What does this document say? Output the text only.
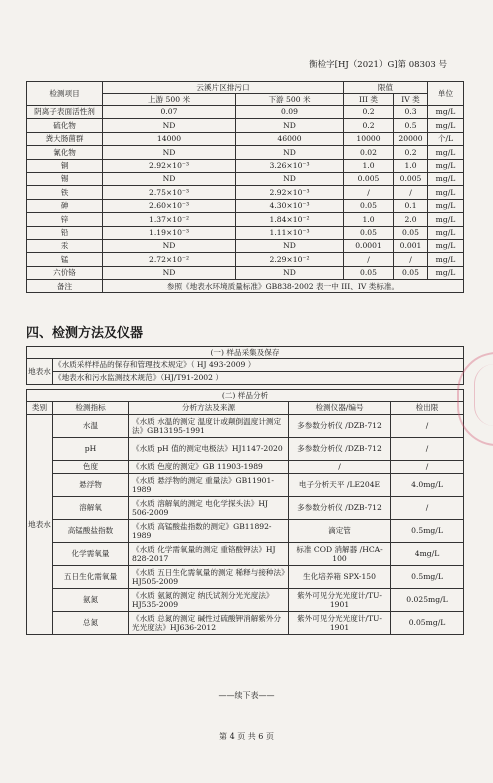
衡检字[HJ（2021）G]第 08303 号
检测项目	云溪片区排污口		限值		单位
	上游 500 米	下游 500 米	III 类	IV 类	
阴离子表面活性剂	0.07	0.09	0.2	0.3	mg/L
硫化物	ND	ND	0.2	0.5	mg/L
粪大肠菌群	14000	46000	10000	20000	个/L
氰化物	ND	ND	0.02	0.2	mg/L
铜	2.92×10⁻³	3.26×10⁻³	1.0	1.0	mg/L
锡	ND	ND	0.005	0.005	mg/L
铁	2.75×10⁻³	2.92×10⁻³	/	/	mg/L
砷	2.60×10⁻³	4.30×10⁻³	0.05	0.1	mg/L
锌	1.37×10⁻²	1.84×10⁻²	1.0	2.0	mg/L
铅	1.19×10⁻³	1.11×10⁻³	0.05	0.05	mg/L
汞	ND	ND	0.0001	0.001	mg/L
锰	2.72×10⁻²	2.29×10⁻²	/	/	mg/L
六价铬	ND	ND	0.05	0.05	mg/L
备注	参照《地表水环境质量标准》GB838-2002 表一中 III、IV 类标准。				
四、检测方法及仪器
(一) 样品采集及保存
地表水	《水质采样样品的保存和管理技术规定》（ HJ 493-2009 ）
《地表水和污水监测技术规范》（HJ/T91-2002 ）
(二) 样品分析				
类别	检测指标	分析方法及来源	检测仪器/编号	检出限
地表水	水温	《水质 水温的测定 温度计或颠倒温度计测定法》GB13195-1991	多参数分析仪 /DZB-712	/
	pH	《水质 pH 值的测定电极法》HJ1147-2020	多参数分析仪 /DZB-712	/
	色度	《水质 色度的测定》GB 11903-1989	/	/
	悬浮物	《水质 悬浮物的测定 重量法》GB11901-1989	电子分析天平 /LE204E	4.0mg/L
	溶解氧	《水质 溶解氧的测定 电化学探头法》HJ 506-2009	多参数分析仪 /DZB-712	/
	高锰酸盐指数	《水质 高锰酸盐指数的测定》GB11892-1989	滴定管	0.5mg/L
	化学需氧量	《水质 化学需氧量的测定 重铬酸钾法》HJ 828-2017	标准 COD 消解器 /HCA-100	4mg/L
	五日生化需氧量	《水质 五日生化需氧量的测定 稀释与接种法》HJ505-2009	生化培养箱 SPX-150	0.5mg/L
	氨氮	《水质 氨氮的测定 纳氏试剂分光光度法》HJ535-2009	紫外可见分光光度计/TU-1901	0.025mg/L
	总氮	《水质 总氮的测定 碱性过硫酸钾消解紫外分光光度法》HJ636-2012	紫外可见分光光度计/TU-1901	0.05mg/L
——续下表——
第 4 页 共 6 页
